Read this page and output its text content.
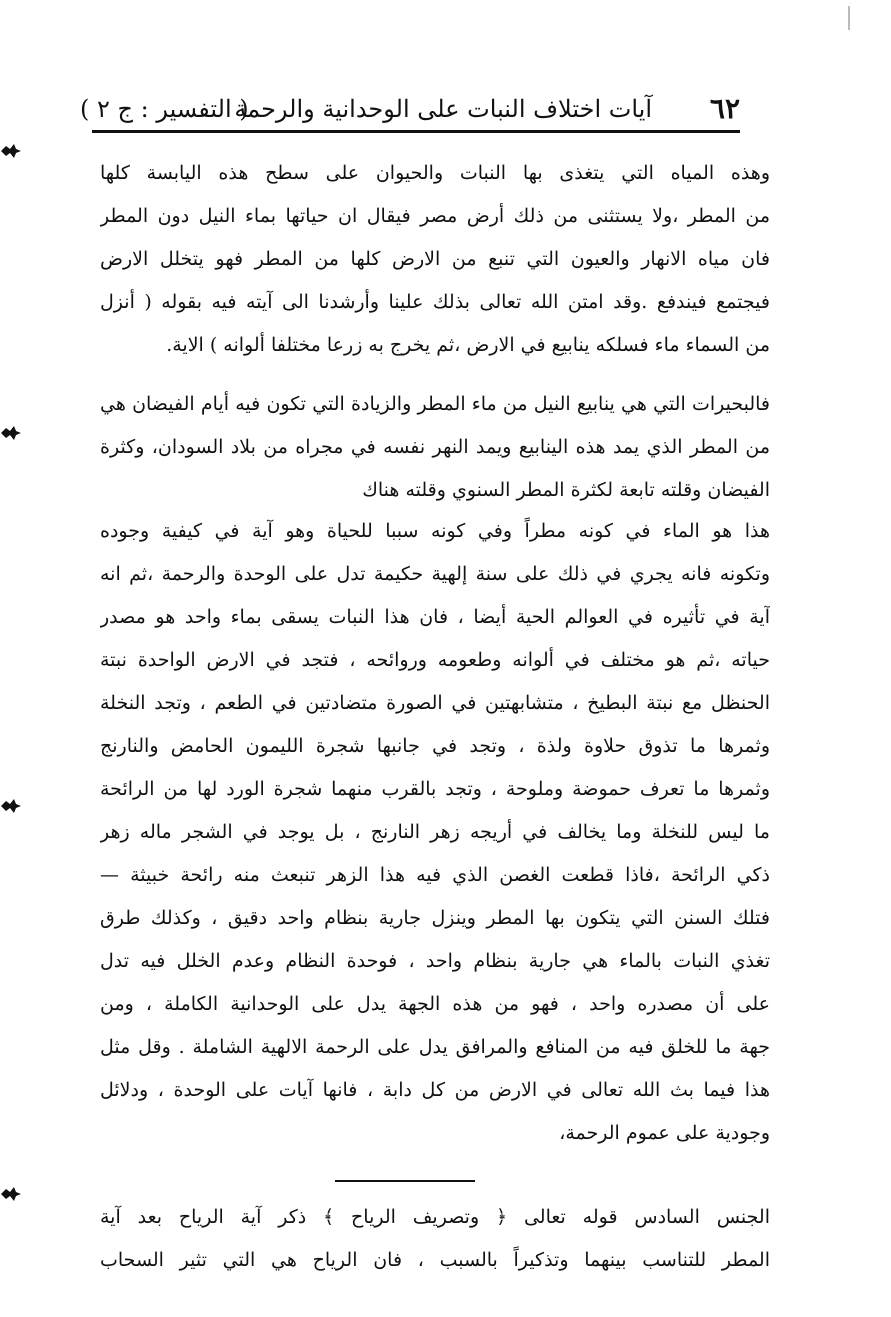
٦٢
آيات اختلاف النبات على الوحدانية والرحمة
( التفسير : ج ٢ )

وهذه المياه التي يتغذى بها النبات والحيوان على سطح هذه اليابسة كلها
من المطر ،ولا يستثنى من ذلك أرض مصر فيقال ان حياتها بماء النيل دون المطر
فان مياه الانهار والعيون التي تنبع من الارض كلها من المطر فهو يتخلل الارض
فيجتمع فيندفع .وقد امتن الله تعالى بذلك علينا وأرشدنا الى آيته فيه بقوله ( أنزل
من السماء ماء فسلكه ينابيع في الارض ،ثم يخرج به زرعا مختلفا ألوانه ) الاية.

فالبحيرات التي هي ينابيع النيل من ماء المطر والزيادة التي تكون فيه أيام الفيضان هي
من المطر الذي يمد هذه الينابيع ويمد النهر نفسه في مجراه من بلاد السودان، وكثرة
الفيضان وقلته تابعة لكثرة المطر السنوي وقلته هناك

هذا هو الماء في كونه مطراً وفي كونه سببا للحياة وهو آية في كيفية وجوده
وتكونه فانه يجري في ذلك على سنة إلهية حكيمة تدل على الوحدة والرحمة ،ثم انه
آية في تأثيره في العوالم الحية أيضا ، فان هذا النبات يسقى بماء واحد هو مصدر
حياته ،ثم هو مختلف في ألوانه وطعومه وروائحه ، فتجد في الارض الواحدة نبتة
الحنظل مع نبتة البطيخ ، متشابهتين في الصورة متضادتين في الطعم ، وتجد النخلة
وثمرها ما تذوق حلاوة ولذة ، وتجد في جانبها شجرة الليمون الحامض والنارنج
وثمرها ما تعرف حموضة وملوحة ، وتجد بالقرب منهما شجرة الورد لها من الرائحة
ما ليس للنخلة وما يخالف في أريجه زهر النارنج ، بل يوجد في الشجر ماله زهر
ذكي الرائحة ،فاذا قطعت الغصن الذي فيه هذا الزهر تنبعث منه رائحة خبيثة —
فتلك السنن التي يتكون بها المطر وينزل جارية بنظام واحد دقيق ، وكذلك طرق
تغذي النبات بالماء هي جارية بنظام واحد ، فوحدة النظام وعدم الخلل فيه تدل
على أن مصدره واحد ، فهو من هذه الجهة يدل على الوحدانية الكاملة ، ومن
جهة ما للخلق فيه من المنافع والمرافق يدل على الرحمة الالهية الشاملة . وقل مثل
هذا فيما بث الله تعالى في الارض من كل دابة ، فانها آيات على الوحدة ، ودلائل
وجودية على عموم الرحمة،

الجنس السادس قوله تعالى ﴿ وتصريف الرياح ﴾ ذكر آية الرياح بعد آية
المطر للتناسب بينهما وتذكيراً بالسبب ، فان الرياح هي التي تثير السحاب
